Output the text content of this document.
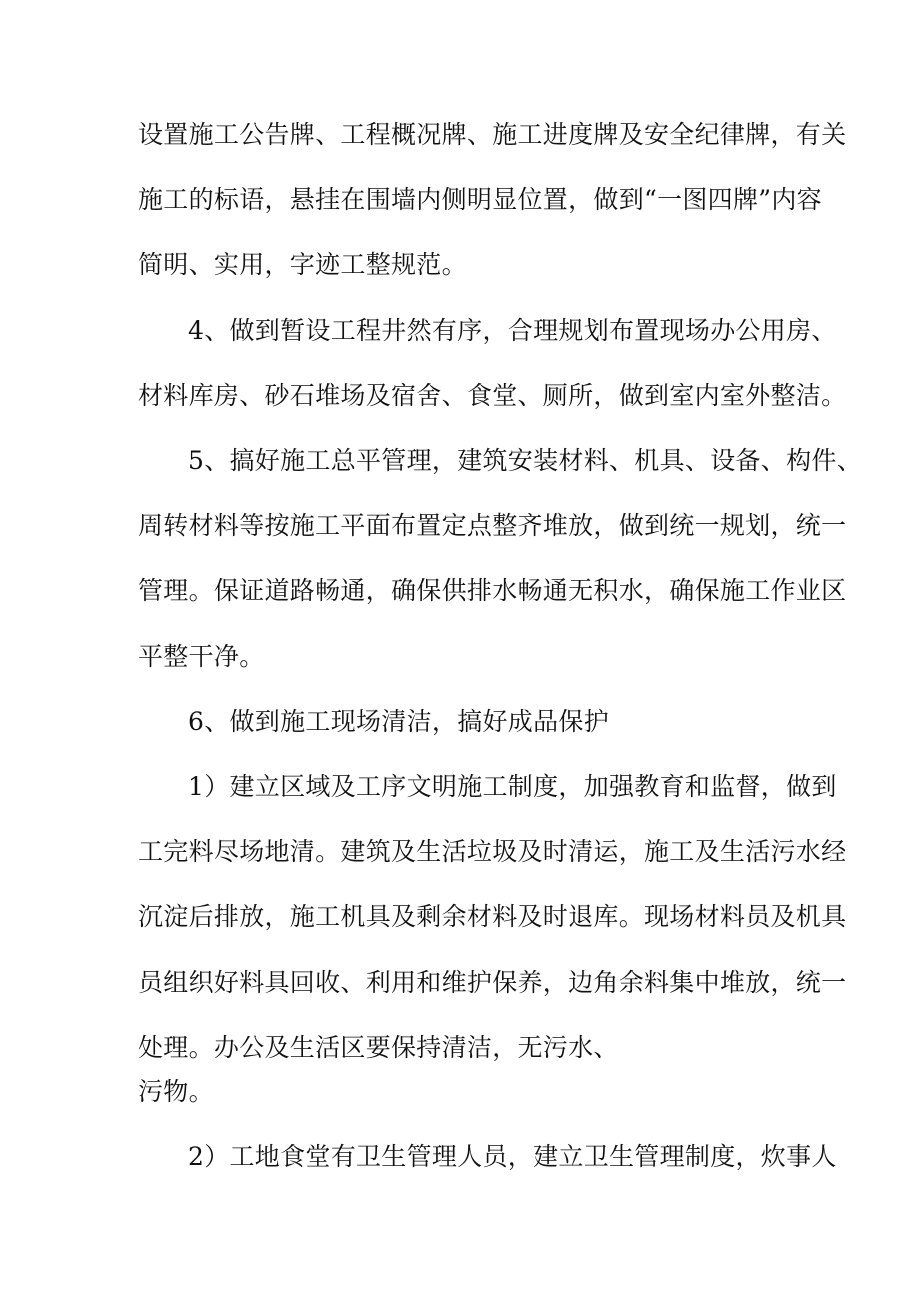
设置施工公告牌、工程概况牌、施工进度牌及安全纪律牌，有关
施工的标语，悬挂在围墙内侧明显位置，做到“一图四牌”内容
简明、实用，字迹工整规范。
4、做到暂设工程井然有序，合理规划布置现场办公用房、
材料库房、砂石堆场及宿舍、食堂、厕所，做到室内室外整洁。
5、搞好施工总平管理，建筑安装材料、机具、设备、构件、
周转材料等按施工平面布置定点整齐堆放，做到统一规划，统一
管理。保证道路畅通，确保供排水畅通无积水，确保施工作业区
平整干净。
6、做到施工现场清洁，搞好成品保护
1）建立区域及工序文明施工制度，加强教育和监督，做到
工完料尽场地清。建筑及生活垃圾及时清运，施工及生活污水经
沉淀后排放，施工机具及剩余材料及时退库。现场材料员及机具
员组织好料具回收、利用和维护保养，边角余料集中堆放，统一
处理。办公及生活区要保持清洁，无污水、
污物。
2）工地食堂有卫生管理人员，建立卫生管理制度，炊事人
